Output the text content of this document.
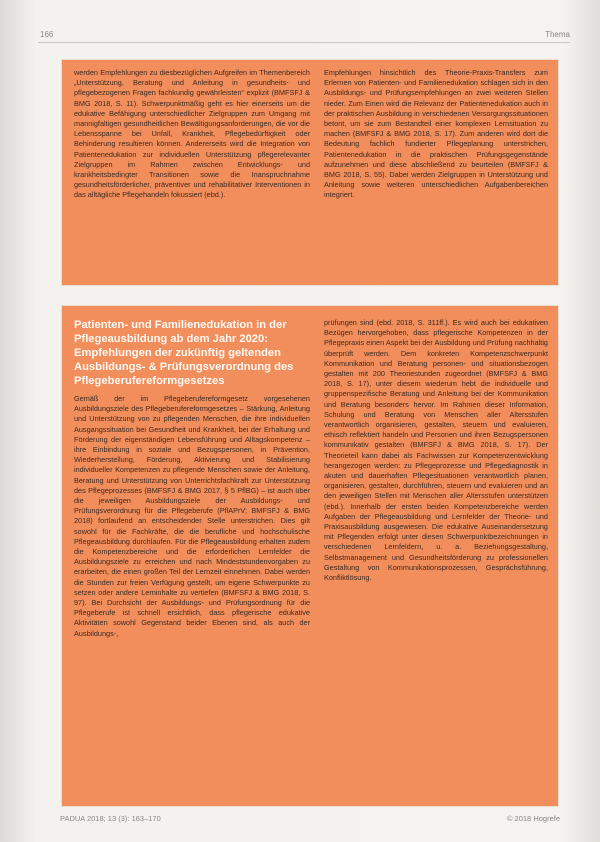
166	Thema

werden Empfehlungen zu diesbezüglichen Aufgreifen im Themenbereich „Unterstützung, Beratung und Anleitung in gesundheits- und pflegebezogenen Fragen fachkundig gewährleisten“ explizit (BMFSFJ & BMG 2018, S. 11). Schwerpunktmäßig geht es hier einerseits um die edukative Befähigung unterschiedlicher Zielgruppen zum Umgang mit mannigfaltigen gesundheitlichen Bewältigungsanforderungen, die vor die Lebensspanne bei Unfall, Krankheit, Pflegebedürftigkeit oder Behinderung resultieren können. Andererseits wird die Integration von Patientenedukation zur individuellen Unterstützung pflegerelevanter Zielgruppen im Rahmen zwischen Entwicklungs- und krankheitsbedingter Transitionen sowie die Inanspruchnahme gesundheitsförderlicher, präventiver und rehabilitativer Interventionen in das alltägliche Pflegehandeln fokussiert (ebd.).

Empfehlungen hinsichtlich des Theorie-Praxis-Transfers zum Erlernen von Patienten- und Familienedukation schlagen sich in den Ausbildungs- und Prüfungsempfehlungen an zwei weiteren Stellen nieder. Zum Einen wird die Relevanz der Patientenedukation auch in der praktischen Ausbildung in verschiedenen Versorgungssituationen betont, um sie zum Bestandteil einer komplexen Lernsituation zu machen (BMFSFJ & BMG 2018, S. 17). Zum anderen wird dort die Bedeutung fachlich fundierter Pflegeplanung unterstrichen, Patientenedukation in die praktischen Prüfungsgegenstände aufzunehmen und diese abschließend zu beurteilen (BMFSFJ & BMG 2018, S. 55). Dabei werden Zielgruppen in Unterstützung und Anleitung sowie weiteren unterschiedlichen Aufgabenbereichen integriert.

Patienten- und Familienedukation in der Pflegeausbildung ab dem Jahr 2020: Empfehlungen der zukünftig geltenden Ausbildungs- & Prüfungsverordnung des Pflegeberufereformgesetzes

Gemäß der im Pflegeberufereformgesetz vorgesehenen Ausbildungsziele des Pflegeberufereformgesetzes – Stärkung, Anleitung und Unterstützung von zu pflegenden Menschen, die ihre individuellen Ausgangssituation bei Gesundheit und Krankheit, bei der Erhaltung und Förderung der eigenständigen Lebensführung und Alltagskompetenz – ihre Einbindung in soziale und Bezugspersonen, in Prävention, Wiederherstellung, Förderung, Aktivierung und Stabilisierung individueller Kompetenzen zu pflegende Menschen sowie der Anleitung, Beratung und Unterstützung von Unterrichtsfachkraft zur Unterstützung des Pflegeprozesses (BMFSFJ & BMG 2017, § 5 PflBG) – ist auch über die jeweiligen Ausbildungsziele der Ausbildungs- und Prüfungsverordnung für die Pflegeberufe (PflAPrV; BMFSFJ & BMG 2018) fortlaufend an entscheidender Stelle unterstrichen. Dies gilt sowohl für die Fachkräfte, die die berufliche und hochschulische Pflegeausbildung durchlaufen. Für die Pflegeausbildung erhalten zudem die Kompetenzbereiche und die erforderlichen Lernfelder die Ausbildungsziele zu erreichen und nach Mindeststundenvorgaben zu erarbeiten, die einen großen Teil der Lernzeit einnehmen. Dabei werden die Stunden zur freien Verfügung gestellt, um eigene Schwerpunkte zu setzen oder andere Lerninhalte zu vertiefen (BMFSFJ & BMG 2018, S. 97). Bei Durchsicht der Ausbildungs- und Prüfungsordnung für die Pflegeberufe ist schnell ersichtlich, dass pflegerische edukative Aktivitäten sowohl Gegenstand beider Ebenen sind, als auch der Ausbildungs-,

prüfungen sind (ebd. 2018, S. 311ff.). Es wird auch bei edukativen Bezügen hervorgehoben, dass pflegerische Kompetenzen in der Pflegepraxis einen Aspekt bei der Ausbildung und Prüfung nachhaltig überprüft werden. Dem konkreten Kompetenzschwerpunkt Kommunikation und Beratung personen- und situationsbezogen gestalten mit 200 Theoriestunden zugeordnet (BMFSFJ & BMG 2018, S. 17), unter diesem wiederum hebt die individuelle und gruppenspezifische Beratung und Anleitung bei der Kommunikation und Beratung besonders hervor. Im Rahmen dieser Information, Schulung und Beratung von Menschen aller Altersstufen verantwortlich organisieren, gestalten, steuern und evaluieren, ethisch reflektiert handeln und Personen und ihren Bezugspersonen kommunikativ gestalten (BMFSFJ & BMG 2018, S. 17). Der Theorieteil kann dabei als Fachwissen zur Kompetenzentwicklung herangezogen werden: zu Pflegeprozesse und Pflegediagnostik in akuten und dauerhaften Pflegesituationen verantwortlich planen, organisieren, gestalten, durchführen, steuern und evaluieren und an den jeweiligen Stellen mit Menschen aller Altersstufen unterstützen (ebd.). Innerhalb der ersten beiden Kompetenzbereiche werden Aufgaben der Pflegeausbildung und Lernfelder der Theorie- und Praxisausbildung ausgewiesen. Die edukative Auseinandersetzung mit Pflegenden erfolgt unter diesen Schwerpunktbezeichnungen in verschiedenen Lernfeldern, u. a. Beziehungsgestaltung, Selbstmanagement und Gesundheitsförderung zu professionellen Gestaltung von Kommunikationsprozessen, Gesprächsführung, Konfliktlösung.

PADUA 2018; 13 (3): 163–170	© 2018 Hogrefe
